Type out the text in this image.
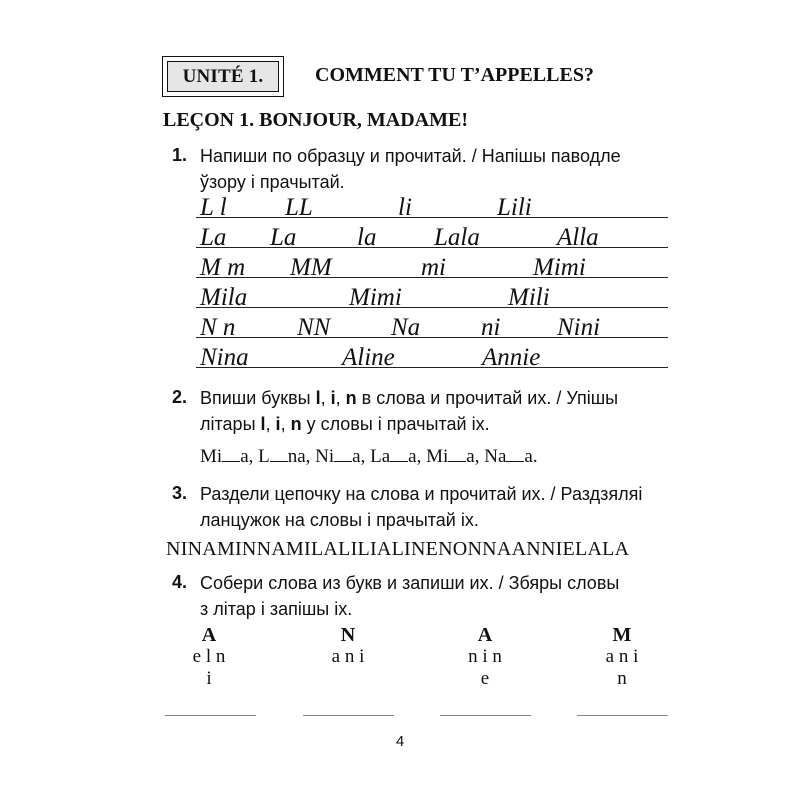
UNITÉ 1.	COMMENT TU T’APPELLES?
LEÇON 1. BONJOUR, MADAME!
1. Напиши по образцу и прочитай. / Напішы паводле
ўзору і прачытай.
L l LL	li	Lili
La La la Lala	Alla
M m MM	mi	Mimi
Mila	Mimi	Mili
N n NN Na ni Nini
Nina	Aline	Annie
2. Впиши буквы l, i, n в слова и прочитай их. / Упішы
літары l, i, n у словы і прачытай іх.
Mi a, L na, Ni a, La a, Mi a, Na a.
3. Раздели цепочку на слова и прочитай их. / Раздзяляі
ланцужок на словы і прачытай іх.
NINAMINNAMILALILIALINENONNAANNIELALA
4. Собери слова из букв и запиши их. / Збяры словы
з літар і запішы іх.
A
e l n
i
N
a n i
A
n i n
e
M
a n i
n
4
